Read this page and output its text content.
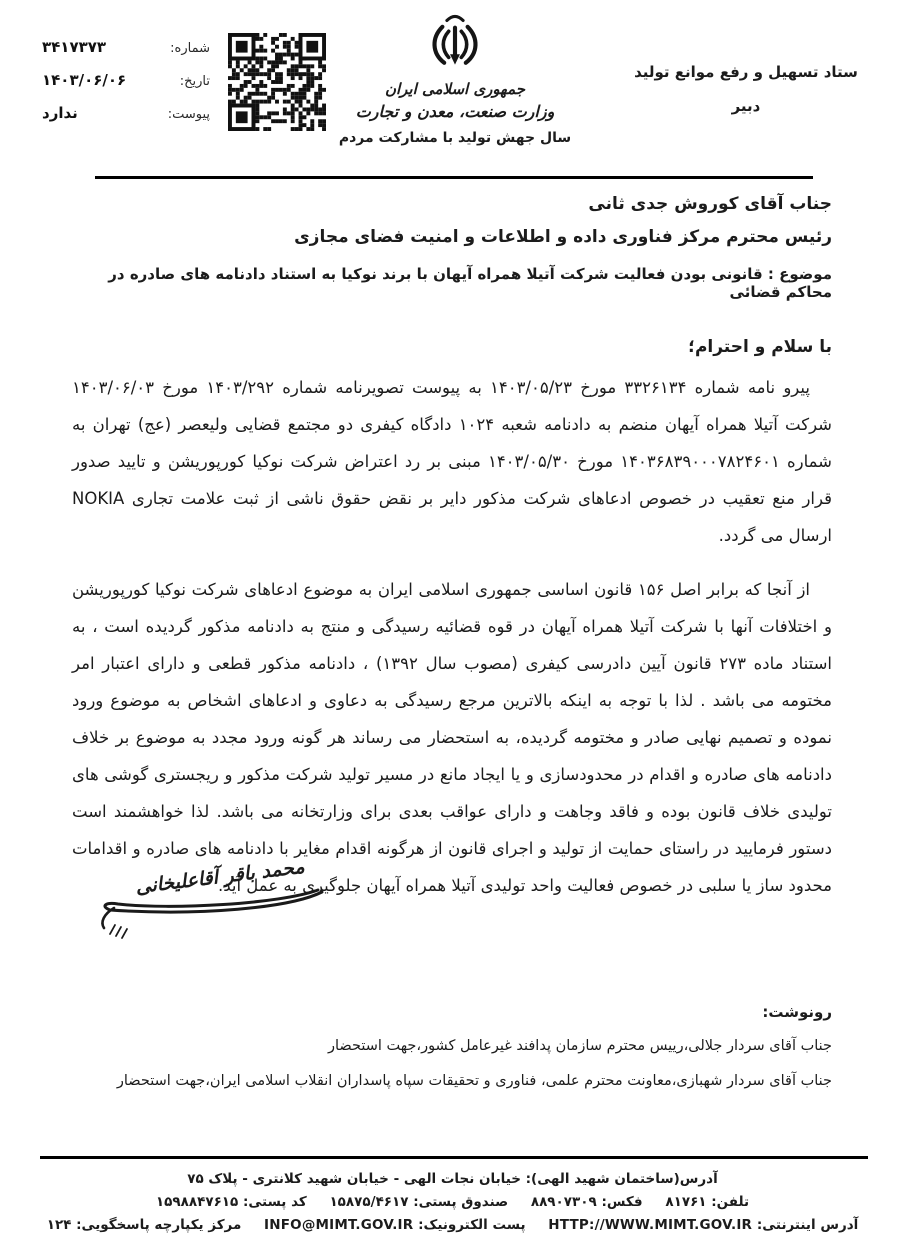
شماره:
۳۴۱۷۳۷۳
تاریخ:
۱۴۰۳/۰۶/۰۶
پیوست:
ندارد
جمهوری اسلامی ایران
وزارت صنعت، معدن و تجارت
سال جهش تولید با مشارکت مردم
ستاد تسهیل و رفع موانع تولید
دبیر
جناب آقای کوروش جدی ثانی
رئیس محترم مرکز فناوری داده و اطلاعات و امنیت فضای مجازی
موضوع : قانونی بودن فعالیت شرکت آتیلا همراه آیهان با برند نوکیا به استناد دادنامه های صادره در محاکم قضائی
با سلام و احترام؛

پیرو نامه شماره ۳۳۲۶۱۳۴ مورخ ۱۴۰۳/۰۵/۲۳ به پیوست تصویرنامه شماره ۱۴۰۳/۲۹۲ مورخ ۱۴۰۳/۰۶/۰۳ شرکت آتیلا همراه آیهان منضم به دادنامه شعبه ۱۰۲۴ دادگاه کیفری دو مجتمع قضایی ولیعصر (عج) تهران به شماره ۱۴۰۳۶۸۳۹۰۰۰۷۸۲۴۶۰۱ مورخ ۱۴۰۳/۰۵/۳۰ مبنی بر رد اعتراض شرکت نوکیا کورپوریشن و تایید صدور قرار منع تعقیب در خصوص ادعاهای شرکت مذکور دایر بر نقض حقوق ناشی از ثبت علامت تجاری NOKIA ارسال می گردد.

از آنجا که برابر اصل ۱۵۶ قانون اساسی جمهوری اسلامی ایران به موضوع ادعاهای شرکت نوکیا کورپوریشن و اختلافات آنها با شرکت آتیلا همراه آیهان در قوه قضائیه رسیدگی و منتج به دادنامه مذکور گردیده است ، به استناد ماده ۲۷۳ قانون آیین دادرسی کیفری (مصوب سال ۱۳۹۲) ، دادنامه مذکور قطعی و دارای اعتبار امر مختومه می باشد . لذا با توجه به اینکه بالاترین مرجع رسیدگی به دعاوی و ادعاهای اشخاص به موضوع ورود نموده و تصمیم نهایی صادر و مختومه گردیده، به استحضار می رساند هر گونه ورود مجدد به موضوع بر خلاف دادنامه های صادره و اقدام در محدودسازی و یا ایجاد مانع در مسیر تولید شرکت مذکور و ریجستری گوشی های تولیدی خلاف قانون بوده و فاقد وجاهت و دارای عواقب بعدی برای وزارتخانه می باشد. لذا خواهشمند است دستور فرمایید در راستای حمایت از تولید و اجرای قانون از هرگونه اقدام مغایر با دادنامه های صادره و اقدامات محدود ساز یا سلبی در خصوص فعالیت واحد تولیدی آتیلا همراه آیهان جلوگیری به عمل آید.

محمد باقر آقاعلیخانی
رونوشت:
جناب آقای سردار جلالی،رییس محترم سازمان پدافند غیرعامل کشور،جهت استحضار
جناب آقای سردار شهبازی،معاونت محترم علمی، فناوری و تحقیقات سپاه پاسداران انقلاب اسلامی ایران،جهت استحضار
آدرس(ساختمان شهید الهی): خیابان نجات الهی - خیابان شهید کلانتری - پلاک ۷۵
تلفن: ۸۱۷۶۱ فکس: ۸۸۹۰۷۳۰۹ صندوق پستی: ۱۵۸۷۵/۴۶۱۷ کد پستی: ۱۵۹۸۸۴۷۶۱۵
آدرس اینترنتی: HTTP://WWW.MIMT.GOV.IR پست الکترونیک: INFO@MIMT.GOV.IR مرکز یکپارچه پاسخگویی: ۱۲۴
